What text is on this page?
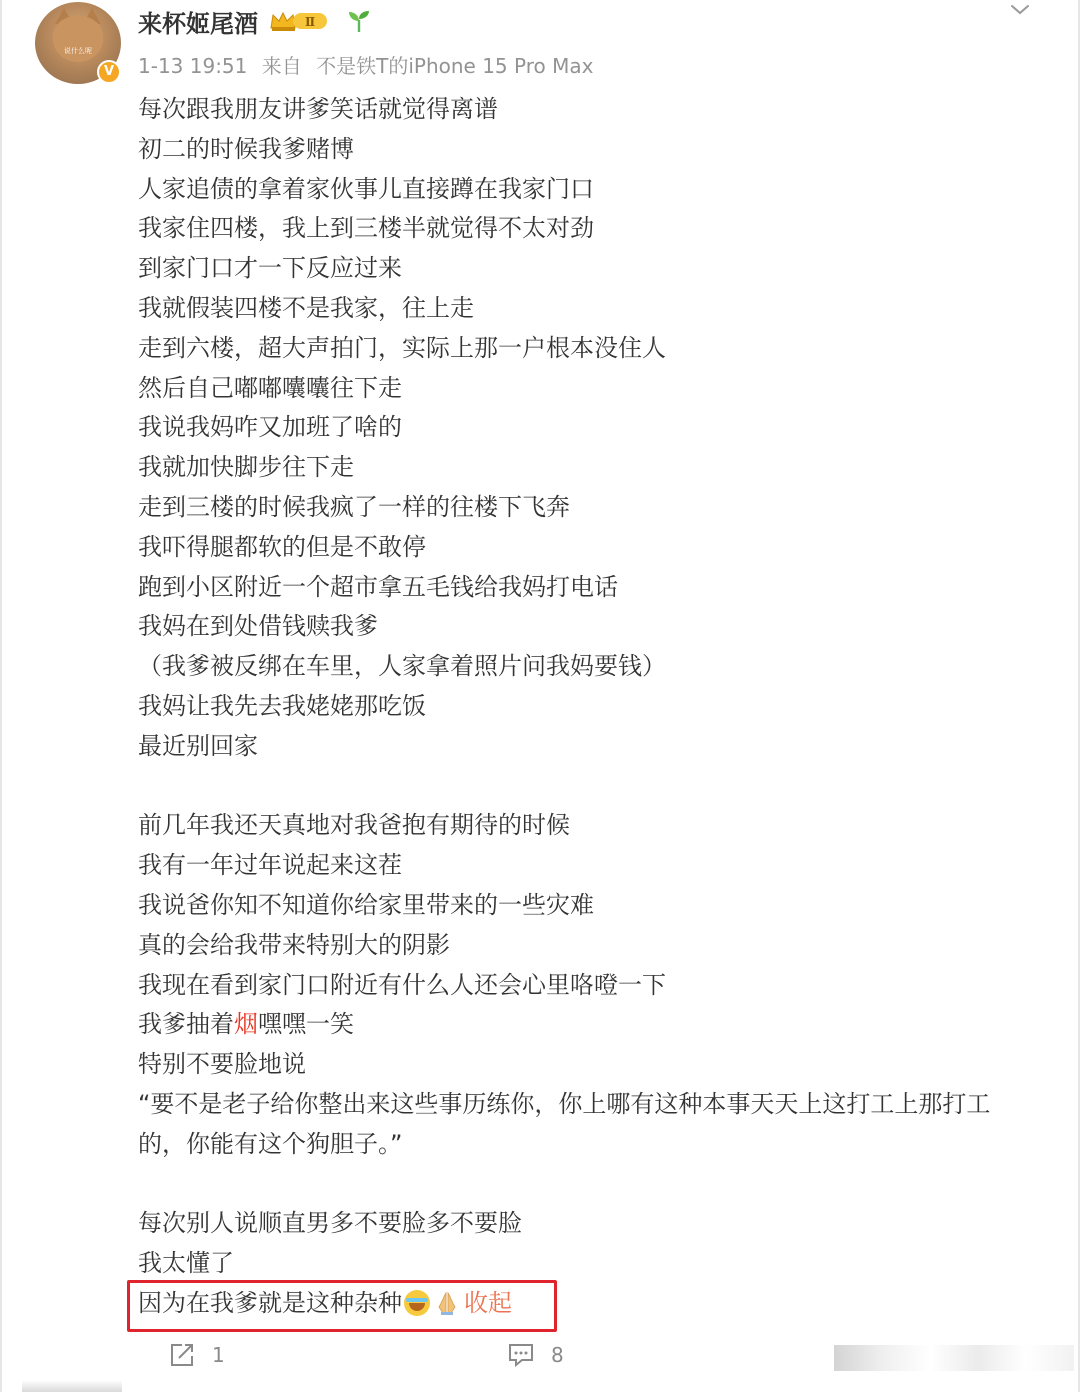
说什么呢
V
来杯姬尾酒	Ⅱ
1-13 19:51 来自 不是铁T的iPhone 15 Pro Max
每次跟我朋友讲爹笑话就觉得离谱
初二的时候我爹赌博
人家追债的拿着家伙事儿直接蹲在我家门口
我家住四楼，我上到三楼半就觉得不太对劲
到家门口才一下反应过来
我就假装四楼不是我家，往上走
走到六楼，超大声拍门，实际上那一户根本没住人
然后自己嘟嘟囔囔往下走
我说我妈咋又加班了啥的
我就加快脚步往下走
走到三楼的时候我疯了一样的往楼下飞奔
我吓得腿都软的但是不敢停
跑到小区附近一个超市拿五毛钱给我妈打电话
我妈在到处借钱赎我爹
（我爹被反绑在车里，人家拿着照片问我妈要钱）
我妈让我先去我姥姥那吃饭
最近别回家
前几年我还天真地对我爸抱有期待的时候
我有一年过年说起来这茬
我说爸你知不知道你给家里带来的一些灾难
真的会给我带来特别大的阴影
我现在看到家门口附近有什么人还会心里咯噔一下
我爹抽着烟嘿嘿一笑
特别不要脸地说
“要不是老子给你整出来这些事历练你，你上哪有这种本事天天上这打工上那打工的，你能有这个狗胆子。”
每次别人说顺直男多不要脸多不要脸
我太懂了
因为在我爹就是这种杂种	收起
1	8
